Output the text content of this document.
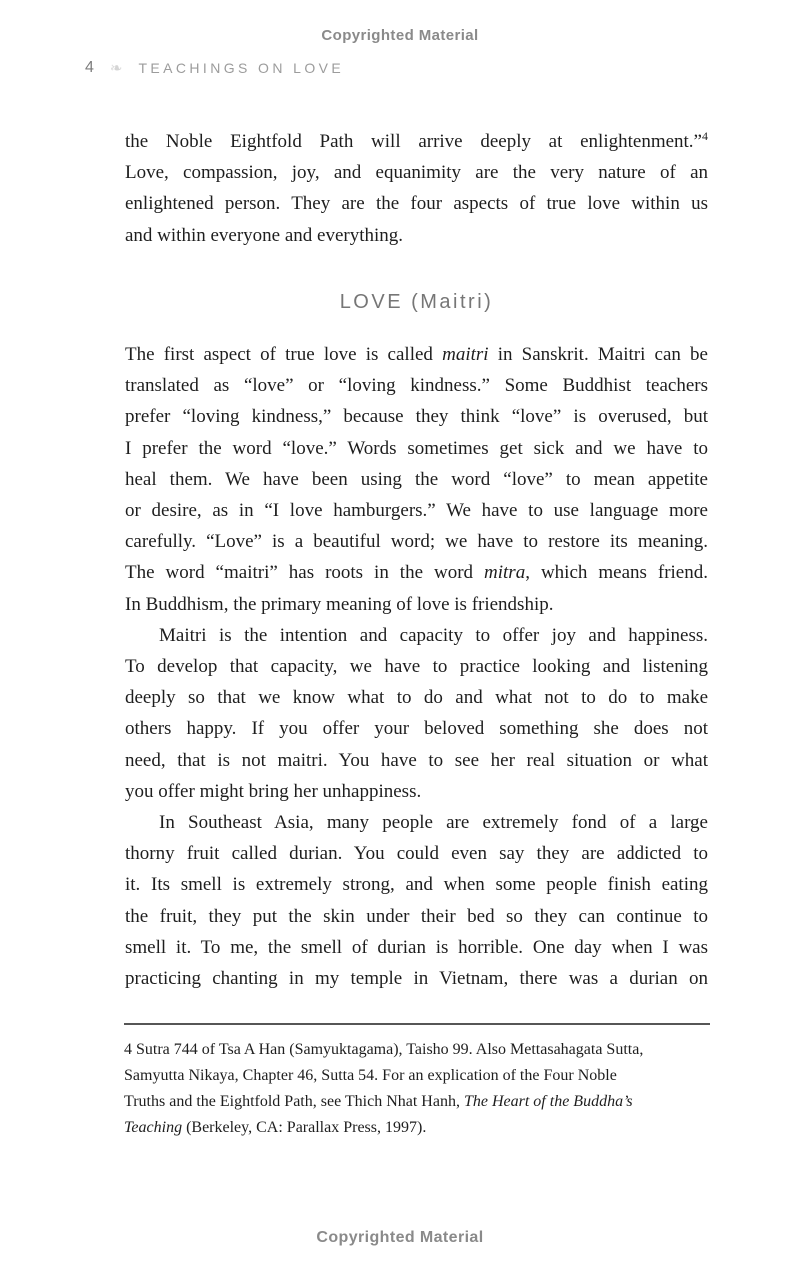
Copyrighted Material
4 ❧ TEACHINGS ON LOVE
the Noble Eightfold Path will arrive deeply at enlightenment.”$^4$
Love, compassion, joy, and equanimity are the very nature of an
enlightened person. They are the four aspects of true love within us
and within everyone and everything.
LOVE (Maitri)
The first aspect of true love is called maitri in Sanskrit. Maitri can be
translated as “love” or “loving kindness.” Some Buddhist teachers
prefer “loving kindness,” because they think “love” is overused, but
I prefer the word “love.” Words sometimes get sick and we have to
heal them. We have been using the word “love” to mean appetite
or desire, as in “I love hamburgers.” We have to use language more
carefully. “Love” is a beautiful word; we have to restore its meaning.
The word “maitri” has roots in the word mitra, which means friend.
In Buddhism, the primary meaning of love is friendship.
Maitri is the intention and capacity to offer joy and happiness.
To develop that capacity, we have to practice looking and listening
deeply so that we know what to do and what not to do to make
others happy. If you offer your beloved something she does not
need, that is not maitri. You have to see her real situation or what
you offer might bring her unhappiness.
In Southeast Asia, many people are extremely fond of a large
thorny fruit called durian. You could even say they are addicted to
it. Its smell is extremely strong, and when some people finish eating
the fruit, they put the skin under their bed so they can continue to
smell it. To me, the smell of durian is horrible. One day when I was
practicing chanting in my temple in Vietnam, there was a durian on
4 Sutra 744 of Tsa A Han (Samyuktagama), Taisho 99. Also Mettasahagata Sutta,
Samyutta Nikaya, Chapter 46, Sutta 54. For an explication of the Four Noble
Truths and the Eightfold Path, see Thich Nhat Hanh, The Heart of the Buddha’s
Teaching (Berkeley, CA: Parallax Press, 1997).
Copyrighted Material
